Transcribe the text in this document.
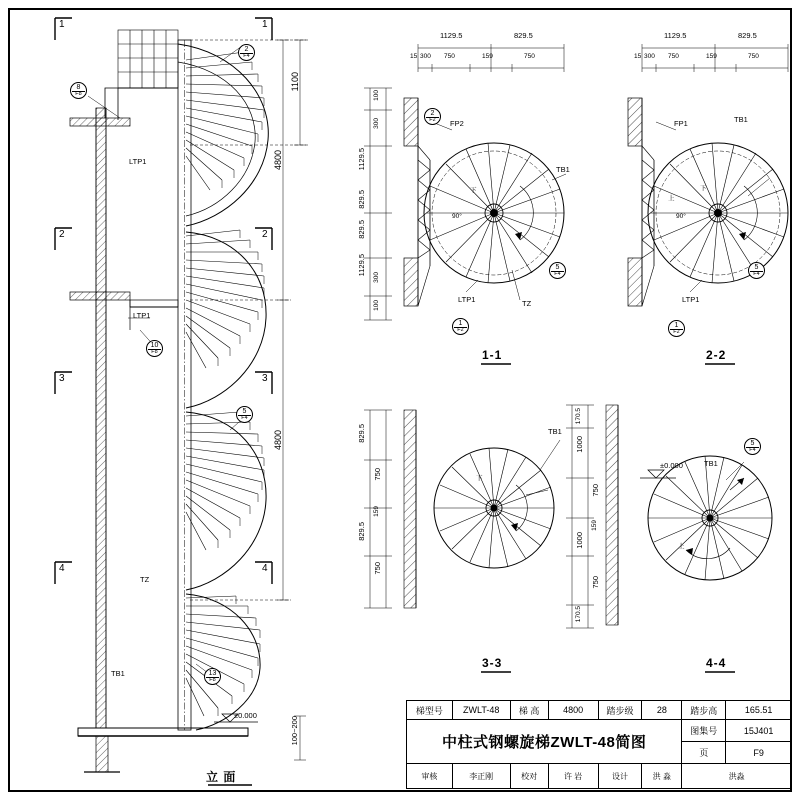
1	1
2	2
3	3
4	4
1100
4800
4800
100~200
LTP1
LTP1
TZ
TB1
±0.000
8
F8
2
F4
10
F8
5
F4
13
F8
立 面
1129.5	829.5
15 300 750	159	750
100
300
1129.5
829.5
829.5
1129.5
300
100
FP2
TB1
LTP1	TZ
90°
下
5
F4
1
F2
2
F2
1-1
1129.5	829.5
15 300 750	159	750
FP1	TB1
LTP1
90°
上
下
5
F4
1
F2
2-2
829.5
750
159
829.5
750
TB1
下
3-3
170.5
1000
750
159
1000
750
170.5
TB1
±0.000
上
5
F4
4-4
梯型号	ZWLT-48	梯 高	4800	踏步级	28	踏步高	165.51
中柱式钢螺旋梯ZWLT-48简图						图集号	15J401
						页	F9
审核	李正刚	校对	许 岩	设计	洪 淼	洪淼	
